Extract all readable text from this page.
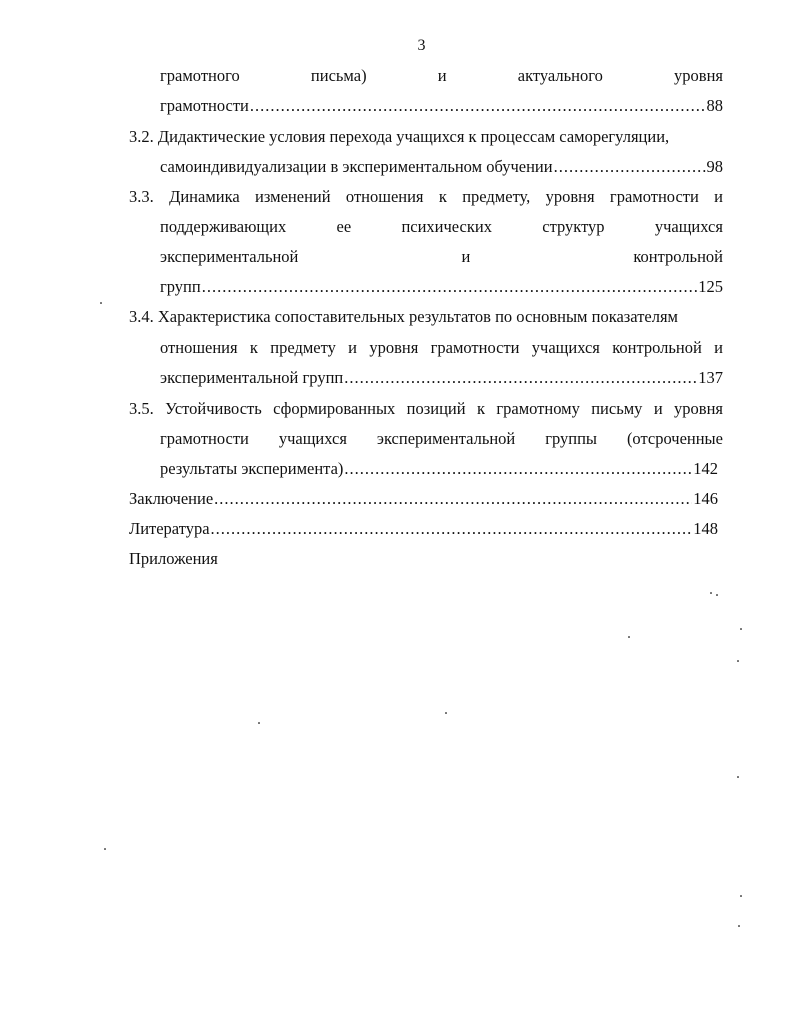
3
грамотного	письма)	и	актуального	уровня
грамотности .....	88
3.2. Дидактические условия перехода учащихся к процессам саморегуляции,
самоиндивидуализации в экспериментальном обучении .....	98
3.3. Динамика изменений отношения к предмету, уровня грамотности и
поддерживающих	ее	психических	структур	учащихся
экспериментальной	и	контрольной
групп .....	125
3.4. Характеристика сопоставительных результатов по основным показателям
отношения к предмету и уровня грамотности учащихся контрольной и
экспериментальной групп .....	137
3.5. Устойчивость сформированных позиций к грамотному письму и уровня
грамотности учащихся экспериментальной группы (отсроченные
результаты эксперимента) .....	142
Заключение .....	146
Литература .....	148
Приложения
